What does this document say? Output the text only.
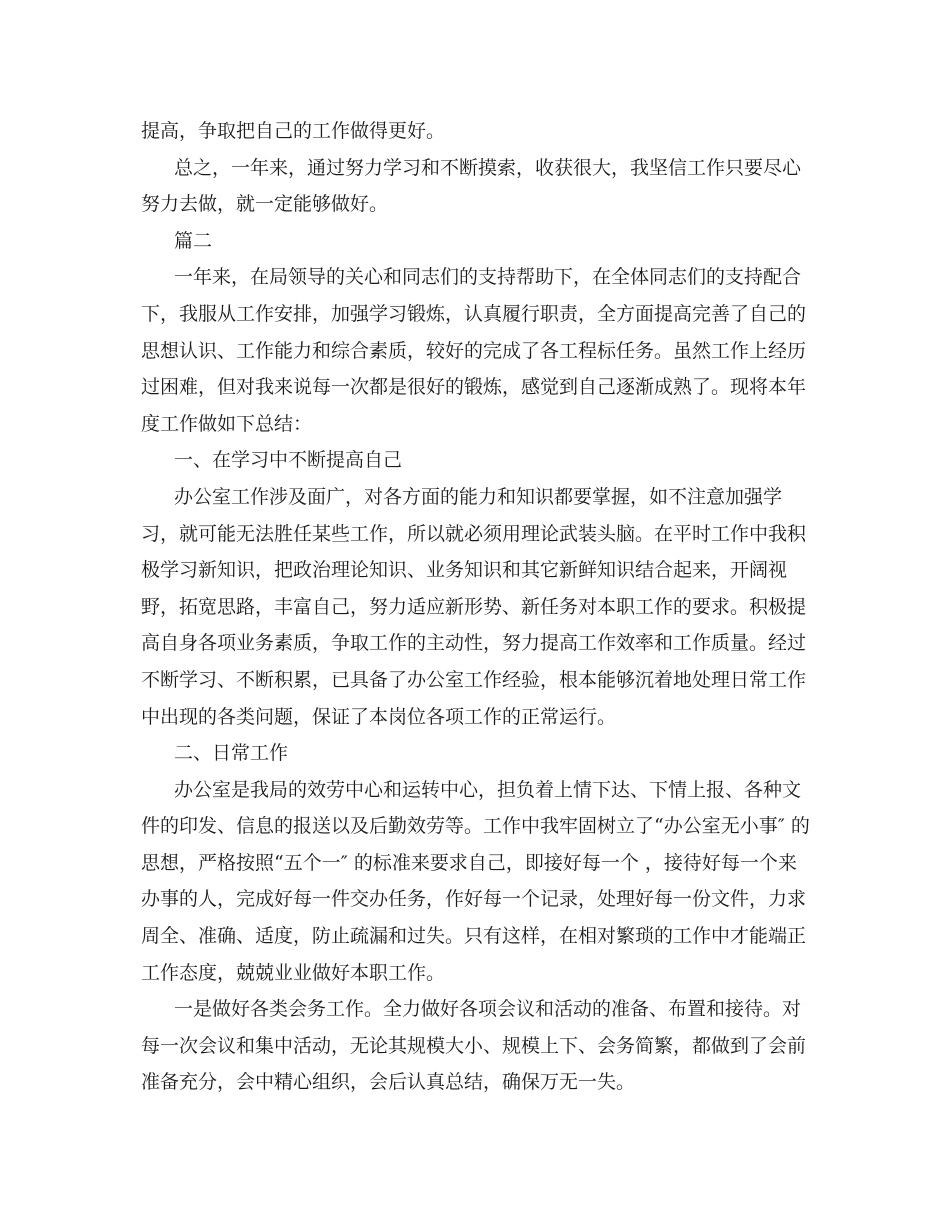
提高，争取把自己的工作做得更好。
总之，一年来，通过努力学习和不断摸索，收获很大，我坚信工作只要尽心
努力去做，就一定能够做好。
篇二
一年来，在局领导的关心和同志们的支持帮助下，在全体同志们的支持配合
下，我服从工作安排，加强学习锻炼，认真履行职责，全方面提高完善了自己的
思想认识、工作能力和综合素质，较好的完成了各工程标任务。虽然工作上经历
过困难，但对我来说每一次都是很好的锻炼，感觉到自己逐渐成熟了。现将本年
度工作做如下总结：
一、在学习中不断提高自己
办公室工作涉及面广，对各方面的能力和知识都要掌握，如不注意加强学
习，就可能无法胜任某些工作，所以就必须用理论武装头脑。在平时工作中我积
极学习新知识，把政治理论知识、业务知识和其它新鲜知识结合起来，开阔视
野，拓宽思路，丰富自己，努力适应新形势、新任务对本职工作的要求。积极提
高自身各项业务素质，争取工作的主动性，努力提高工作效率和工作质量。经过
不断学习、不断积累，已具备了办公室工作经验，根本能够沉着地处理日常工作
中出现的各类问题，保证了本岗位各项工作的正常运行。
二、日常工作
办公室是我局的效劳中心和运转中心，担负着上情下达、下情上报、各种文
件的印发、信息的报送以及后勤效劳等。工作中我牢固树立了“办公室无小事″ 的
思想，严格按照“五个一″ 的标准来要求自己，即接好每一个 ，接待好每一个来
办事的人，完成好每一件交办任务，作好每一个记录，处理好每一份文件，力求
周全、准确、适度，防止疏漏和过失。只有这样，在相对繁琐的工作中才能端正
工作态度，兢兢业业做好本职工作。
一是做好各类会务工作。全力做好各项会议和活动的准备、布置和接待。对
每一次会议和集中活动，无论其规模大小、规模上下、会务简繁，都做到了会前
准备充分，会中精心组织，会后认真总结，确保万无一失。
